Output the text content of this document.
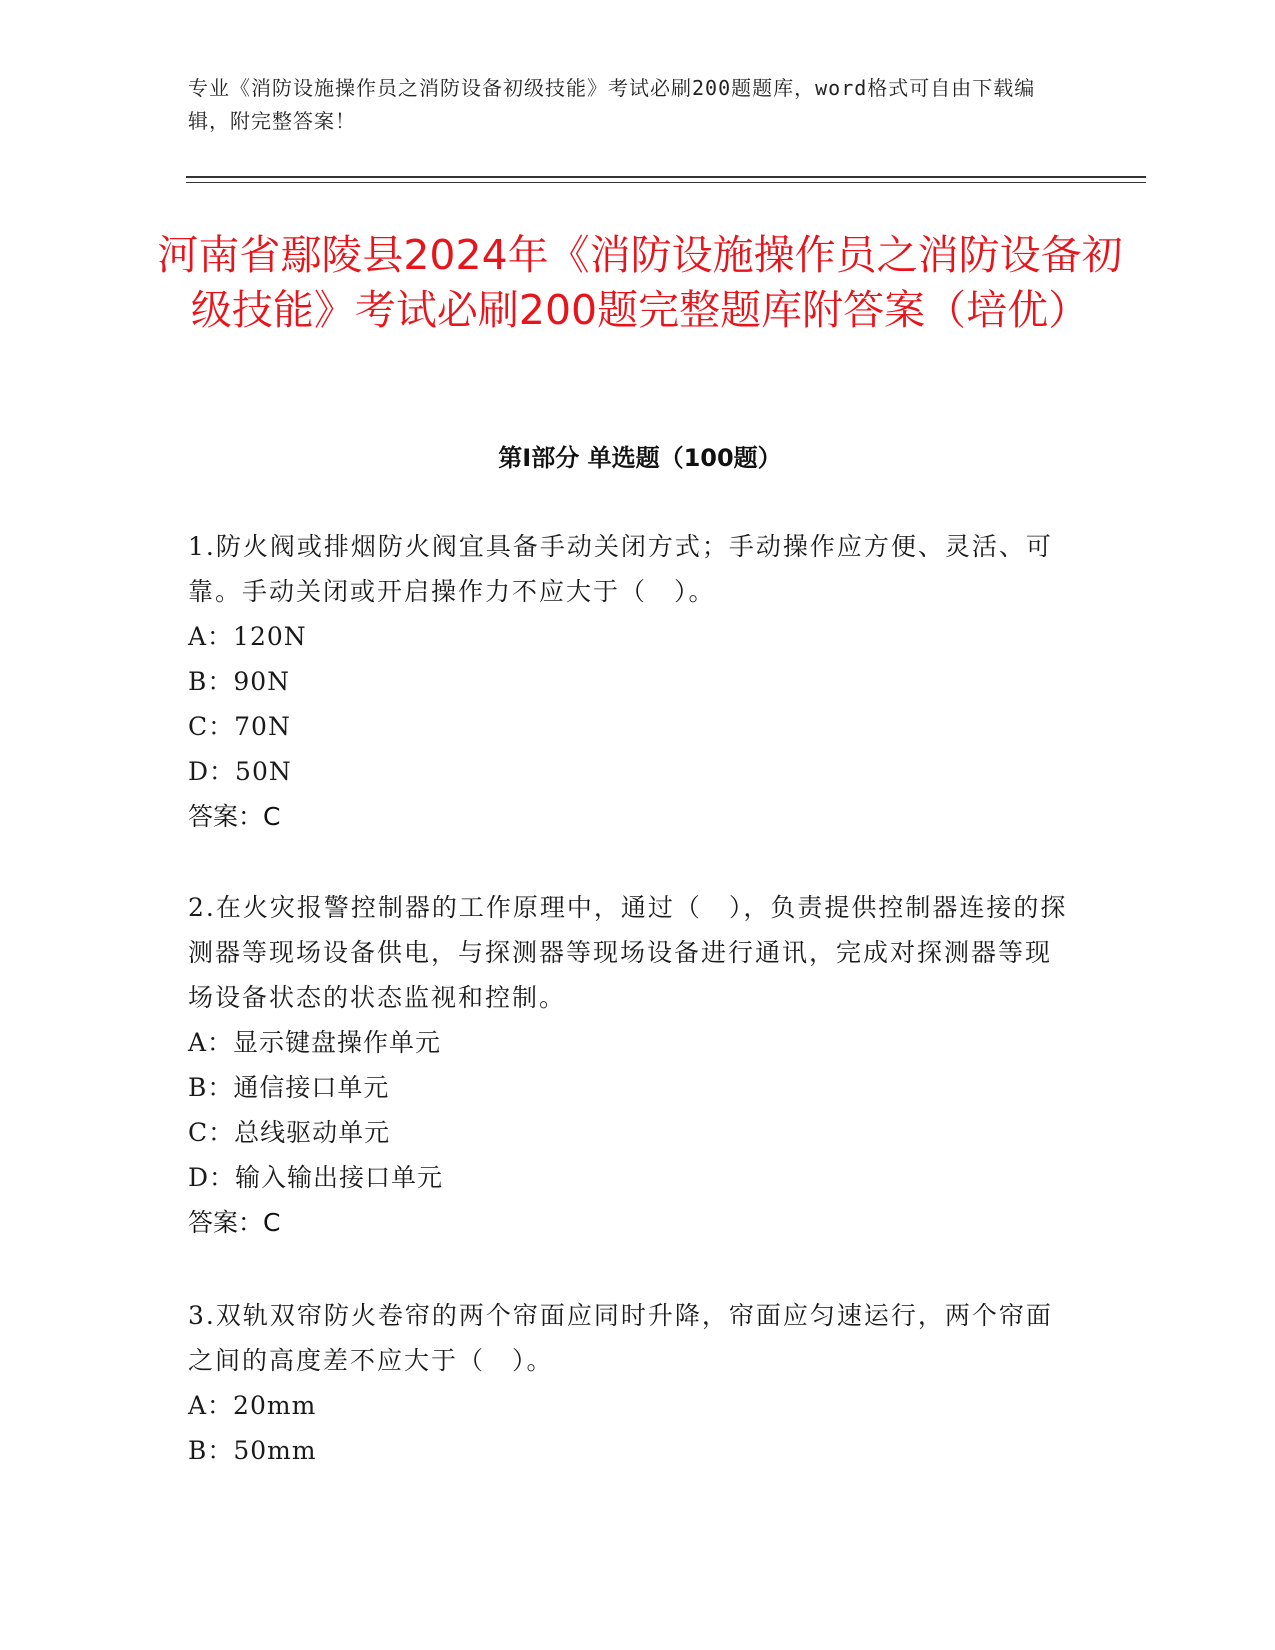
专业《消防设施操作员之消防设备初级技能》考试必刷200题题库，word格式可自由下载编辑，附完整答案！
河南省鄢陵县2024年《消防设施操作员之消防设备初级技能》考试必刷200题完整题库附答案（培优）
第Ⅰ部分 单选题（100题）

1.防火阀或排烟防火阀宜具备手动关闭方式；手动操作应方便、灵活、可靠。手动关闭或开启操作力不应大于（　）。

A：120N

B：90N

C：70N

D：50N

答案：C

2.在火灾报警控制器的工作原理中，通过（　），负责提供控制器连接的探测器等现场设备供电，与探测器等现场设备进行通讯，完成对探测器等现场设备状态的状态监视和控制。

A：显示键盘操作单元

B：通信接口单元

C：总线驱动单元

D：输入输出接口单元

答案：C

3.双轨双帘防火卷帘的两个帘面应同时升降，帘面应匀速运行，两个帘面之间的高度差不应大于（　）。

A：20mm

B：50mm
